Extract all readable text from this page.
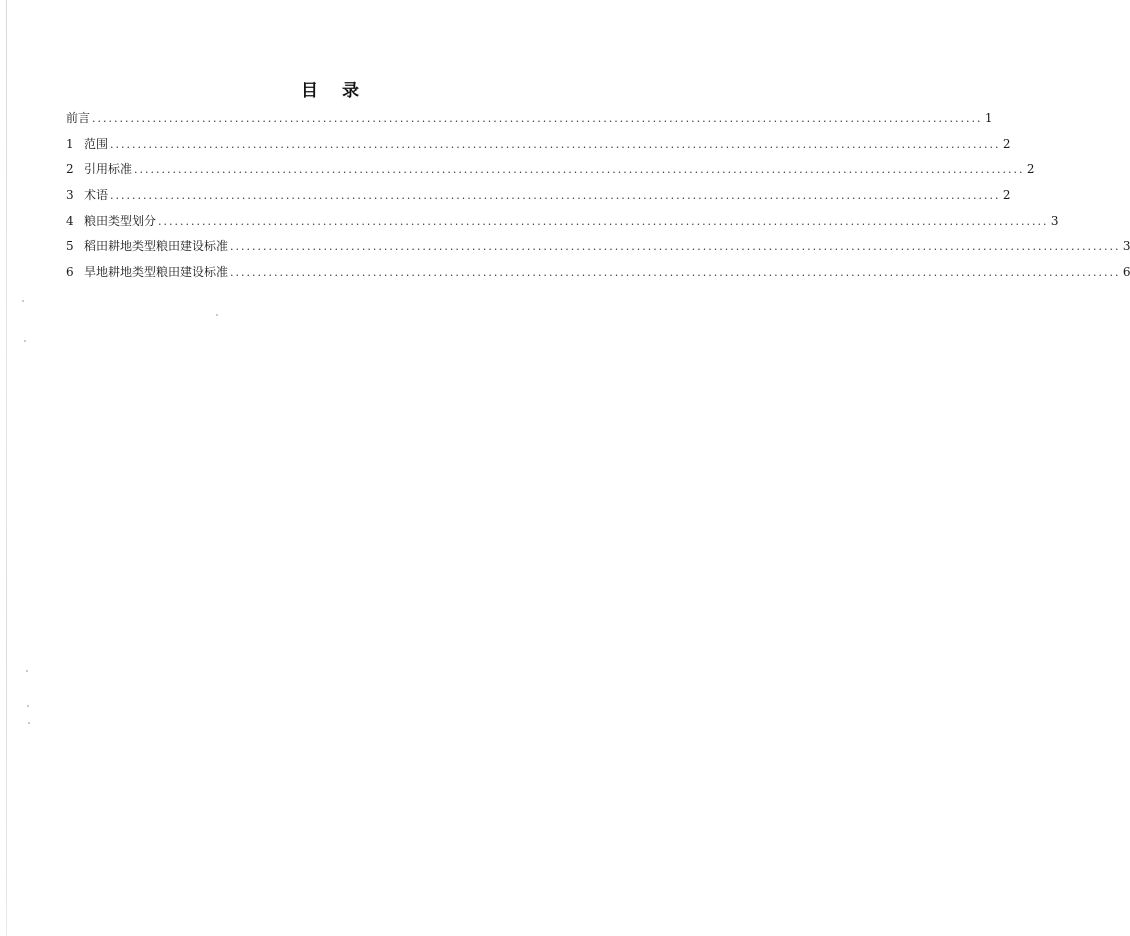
目 录
前言 .................................................................................................................................................................. 1
1 范围 .................................................................................................................................................................. 2
2 引用标准 .................................................................................................................................................................. 2
3 术语 .................................................................................................................................................................. 2
4 粮田类型划分 .................................................................................................................................................................. 3
5 稻田耕地类型粮田建设标准 .................................................................................................................................................................. 3
6 旱地耕地类型粮田建设标准 .................................................................................................................................................................. 6
